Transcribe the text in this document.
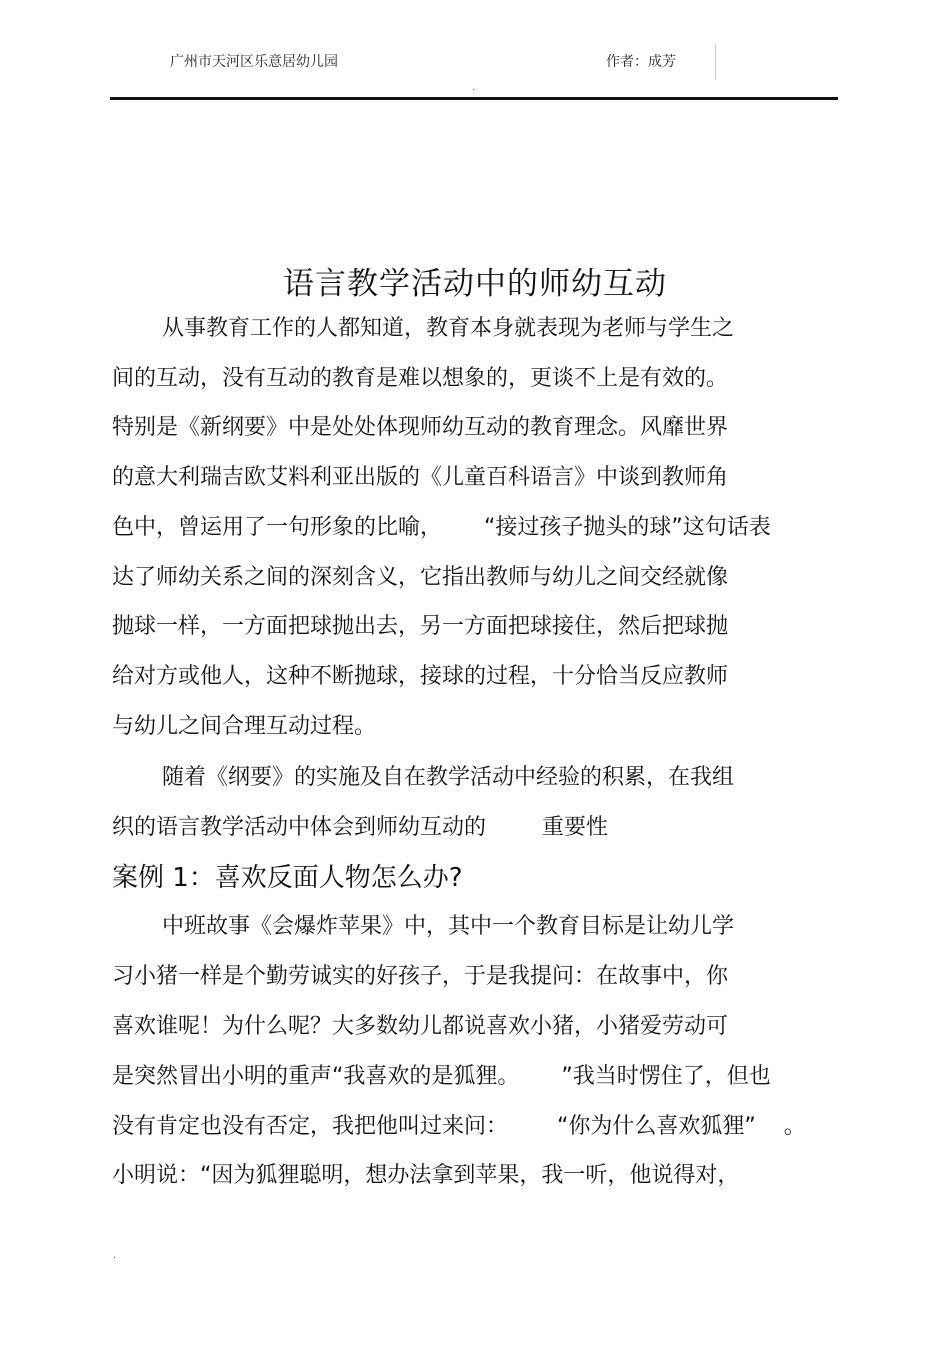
广州市天河区乐意居幼儿园	作者：成芳
.
语言教学活动中的师幼互动
从事教育工作的人都知道，教育本身就表现为老师与学生之
间的互动，没有互动的教育是难以想象的，更谈不上是有效的。
特别是《新纲要》中是处处体现师幼互动的教育理念。风靡世界
的意大利瑞吉欧艾料利亚出版的《儿童百科语言》中谈到教师角
色中，曾运用了一句形象的比喻，      “接过孩子抛头的球”这句话表
达了师幼关系之间的深刻含义，它指出教师与幼儿之间交经就像
抛球一样，一方面把球抛出去，另一方面把球接住，然后把球抛
给对方或他人，这种不断抛球，接球的过程，十分恰当反应教师
与幼儿之间合理互动过程。
随着《纲要》的实施及自在教学活动中经验的积累，在我组
织的语言教学活动中体会到师幼互动的        重要性
案例 1：喜欢反面人物怎么办?
中班故事《会爆炸苹果》中，其中一个教育目标是让幼儿学
习小猪一样是个勤劳诚实的好孩子，于是我提问：在故事中，你
喜欢谁呢！为什么呢？大多数幼儿都说喜欢小猪，小猪爱劳动可
是突然冒出小明的重声“我喜欢的是狐狸。      ”我当时愣住了，但也
没有肯定也没有否定，我把他叫过来问：       “你为什么喜欢狐狸”    。
小明说：“因为狐狸聪明，想办法拿到苹果，我一听，他说得对，
.
